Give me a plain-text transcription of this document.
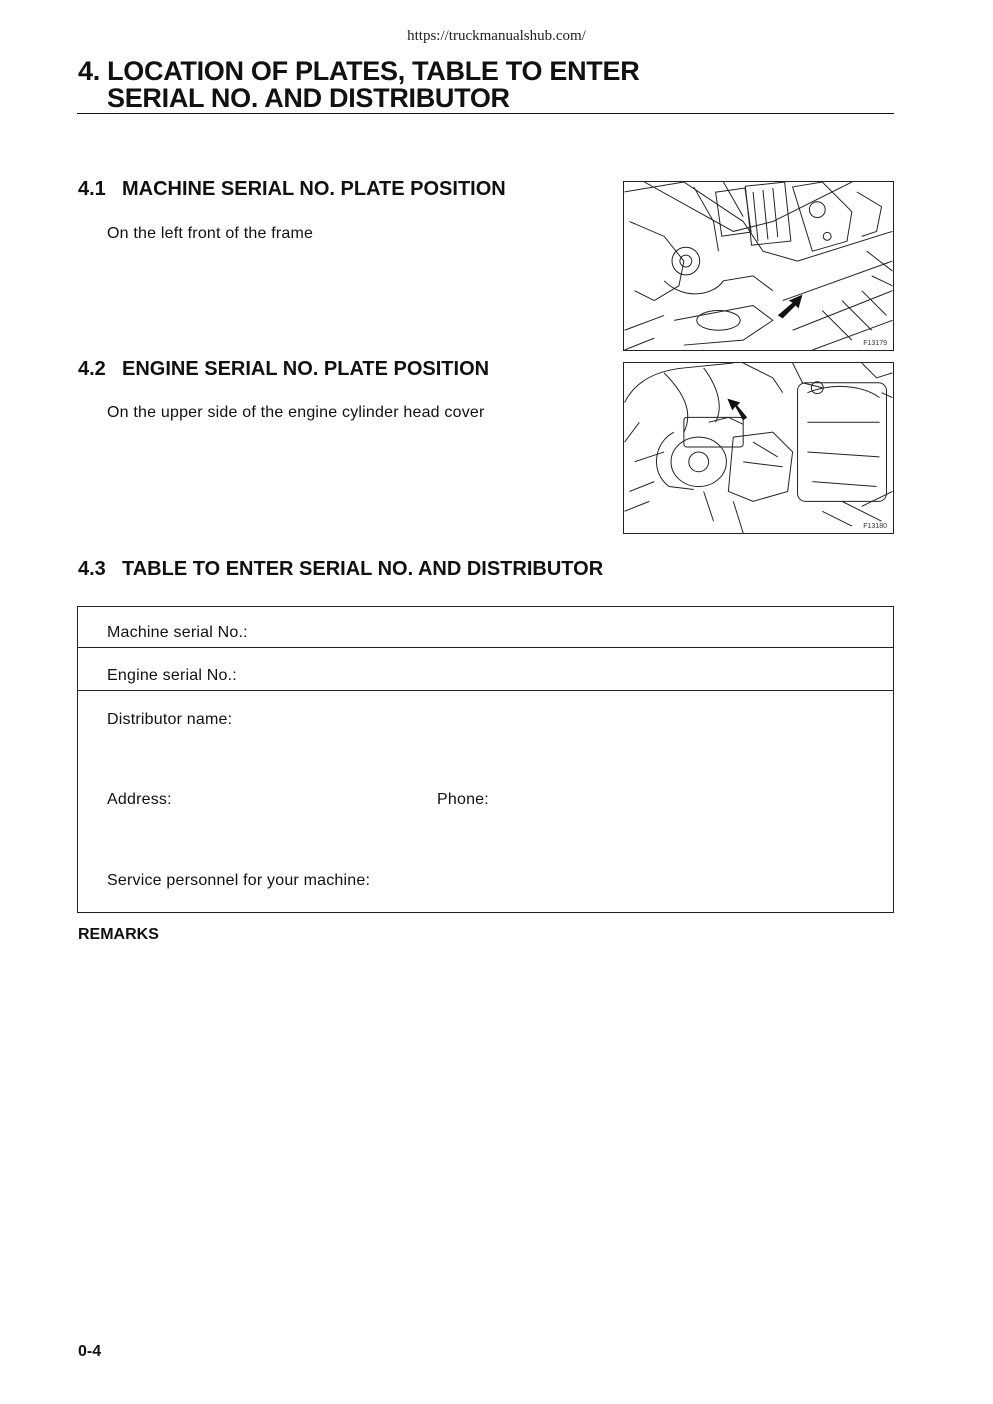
https://truckmanualshub.com/
4. LOCATION OF PLATES, TABLE TO ENTER
SERIAL NO. AND DISTRIBUTOR
4.1 MACHINE SERIAL NO. PLATE POSITION

On the left front of the frame

F13179
4.2 ENGINE SERIAL NO. PLATE POSITION

On the upper side of the engine cylinder head cover

F13180
4.3 TABLE TO ENTER SERIAL NO. AND DISTRIBUTOR

Machine serial No.:

Engine serial No.:

Distributor name:

Address:	Phone:

Service personnel for your machine:

REMARKS

0-4
